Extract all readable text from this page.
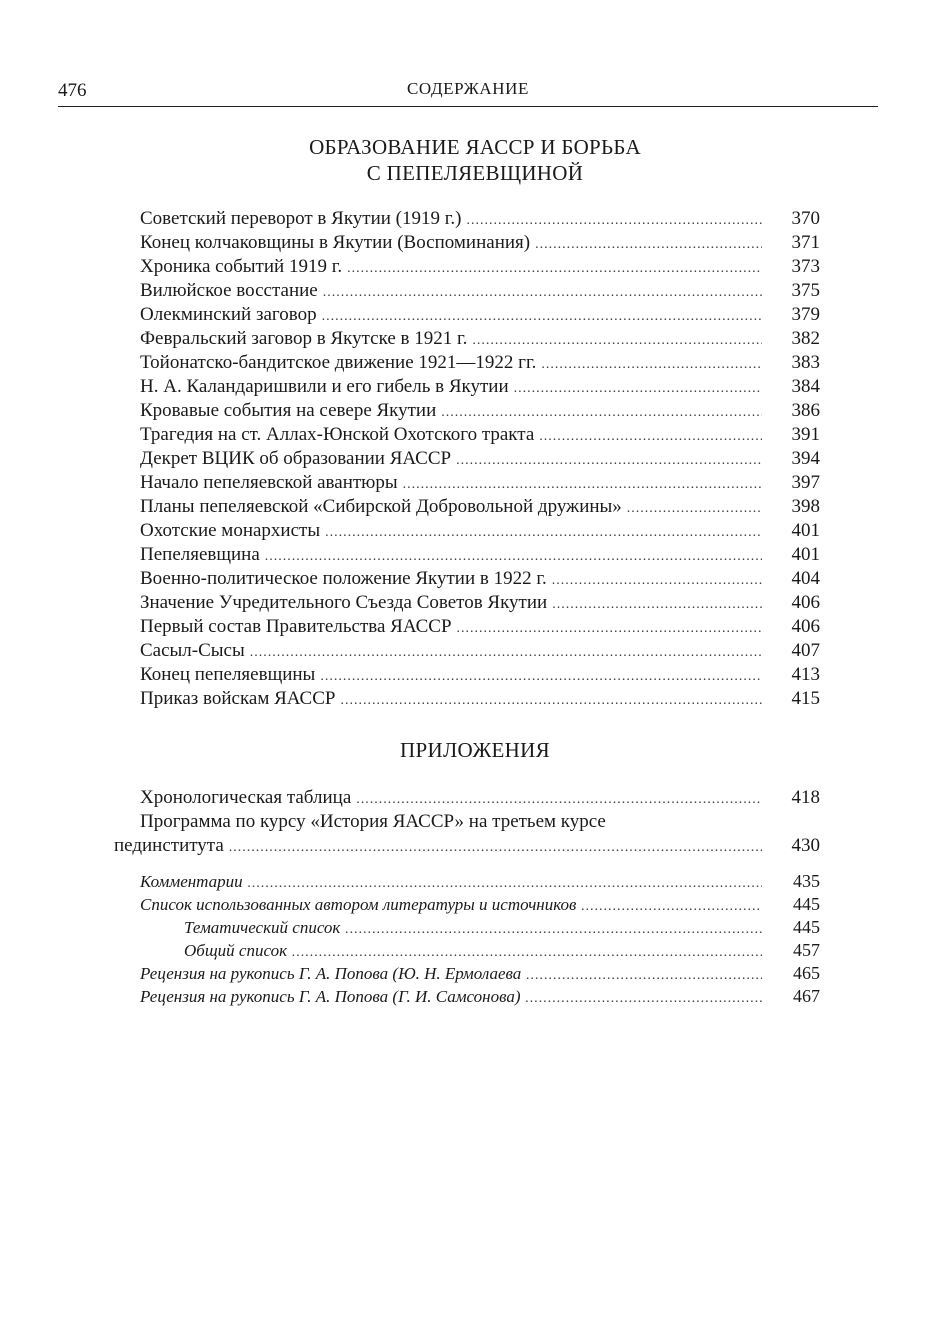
476	СОДЕРЖАНИЕ
ОБРАЗОВАНИЕ ЯАССР И БОРЬБА
С ПЕПЕЛЯЕВЩИНОЙ
Советский переворот в Якутии (1919 г.) .....	370
Конец колчаковщины в Якутии (Воспоминания) .....	371
Хроника событий 1919 г. .....	373
Вилюйское восстание .....	375
Олекминский заговор .....	379
Февральский заговор в Якутске в 1921 г. .....	382
Тойонатско-бандитское движение 1921—1922 гг. .....	383
Н. А. Каландаришвили и его гибель в Якутии .....	384
Кровавые события на севере Якутии .....	386
Трагедия на ст. Аллах-Юнской Охотского тракта .....	391
Декрет ВЦИК об образовании ЯАССР .....	394
Начало пепеляевской авантюры .....	397
Планы пепеляевской «Сибирской Добровольной дружины» .....	398
Охотские монархисты .....	401
Пепеляевщина .....	401
Военно-политическое положение Якутии в 1922 г. .....	404
Значение Учредительного Съезда Советов Якутии .....	406
Первый состав Правительства ЯАССР .....	406
Сасыл-Сысы .....	407
Конец пепеляевщины .....	413
Приказ войскам ЯАССР .....	415
ПРИЛОЖЕНИЯ
Хронологическая таблица .....	418
Программа по курсу «История ЯАССР» на третьем курсе
пединститута .....	430
Комментарии .....	435
Список использованных автором литературы и источников .....	445
Тематический список .....	445
Общий список .....	457
Рецензия на рукопись Г. А. Попова (Ю. Н. Ермолаева .....	465
Рецензия на рукопись Г. А. Попова (Г. И. Самсонова) .....	467
